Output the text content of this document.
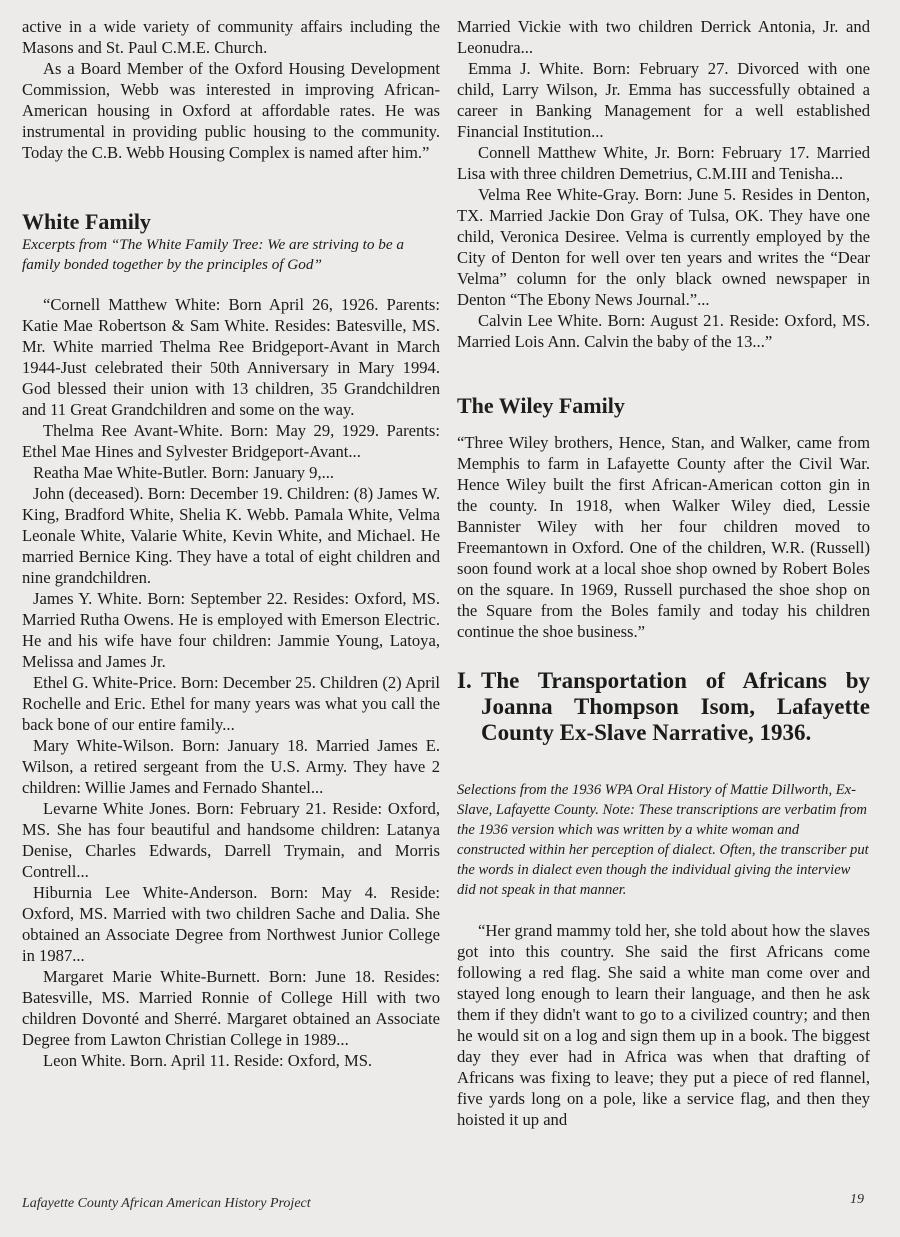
active in a wide variety of community affairs including the Masons and St. Paul C.M.E. Church.

As a Board Member of the Oxford Housing Development Commission, Webb was interested in improving African-American housing in Oxford at affordable rates. He was instrumental in providing public housing to the community. Today the C.B. Webb Housing Complex is named after him.”

White Family

Excerpts from “The White Family Tree: We are striving to be a family bonded together by the principles of God”

“Cornell Matthew White: Born April 26, 1926. Parents: Katie Mae Robertson & Sam White. Resides: Batesville, MS. Mr. White married Thelma Ree Bridgeport-Avant in March 1944-Just celebrated their 50th Anniversary in Mary 1994. God blessed their union with 13 children, 35 Grandchildren and 11 Great Grandchildren and some on the way.

Thelma Ree Avant-White. Born: May 29, 1929. Parents: Ethel Mae Hines and Sylvester Bridgeport-Avant...

Reatha Mae White-Butler. Born: January 9,...

John (deceased). Born: December 19. Children: (8) James W. King, Bradford White, Shelia K. Webb. Pamala White, Velma Leonale White, Valarie White, Kevin White, and Michael. He married Bernice King. They have a total of eight children and nine grandchildren.

James Y. White. Born: September 22. Resides: Oxford, MS. Married Rutha Owens. He is employed with Emerson Electric. He and his wife have four children: Jammie Young, Latoya, Melissa and James Jr.

Ethel G. White-Price. Born: December 25. Children (2) April Rochelle and Eric. Ethel for many years was what you call the back bone of our entire family...

Mary White-Wilson. Born: January 18. Married James E. Wilson, a retired sergeant from the U.S. Army. They have 2 children: Willie James and Fernado Shantel...

Levarne White Jones. Born: February 21. Reside: Oxford, MS. She has four beautiful and handsome children: Latanya Denise, Charles Edwards, Darrell Trymain, and Morris Contrell...

Hiburnia Lee White-Anderson. Born: May 4. Reside: Oxford, MS. Married with two children Sache and Dalia. She obtained an Associate Degree from Northwest Junior College in 1987...

Margaret Marie White-Burnett. Born: June 18. Resides: Batesville, MS. Married Ronnie of College Hill with two children Dovonté and Sherré. Margaret obtained an Associate Degree from Lawton Christian College in 1989...

Leon White. Born. April 11. Reside: Oxford, MS.

Married Vickie with two children Derrick Antonia, Jr. and Leonudra...

Emma J. White. Born: February 27. Divorced with one child, Larry Wilson, Jr. Emma has successfully obtained a career in Banking Management for a well established Financial Institution...

Connell Matthew White, Jr. Born: February 17. Married Lisa with three children Demetrius, C.M.III and Tenisha...

Velma Ree White-Gray. Born: June 5. Resides in Denton, TX. Married Jackie Don Gray of Tulsa, OK. They have one child, Veronica Desiree. Velma is currently employed by the City of Denton for well over ten years and writes the “Dear Velma” column for the only black owned newspaper in Denton “The Ebony News Journal.”...

Calvin Lee White. Born: August 21. Reside: Oxford, MS. Married Lois Ann. Calvin the baby of the 13...”

The Wiley Family

“Three Wiley brothers, Hence, Stan, and Walker, came from Memphis to farm in Lafayette County after the Civil War. Hence Wiley built the first African-American cotton gin in the county. In 1918, when Walker Wiley died, Lessie Bannister Wiley with her four children moved to Freemantown in Oxford. One of the children, W.R. (Russell) soon found work at a local shoe shop owned by Robert Boles on the square. In 1969, Russell purchased the shoe shop on the Square from the Boles family and today his children continue the shoe business.”

I. The Transportation of Africans by Joanna Thompson Isom, Lafayette County Ex-Slave Narrative, 1936.

Selections from the 1936 WPA Oral History of Mattie Dillworth, Ex-Slave, Lafayette County. Note: These transcriptions are verbatim from the 1936 version which was written by a white woman and constructed within her perception of dialect. Often, the transcriber put the words in dialect even though the individual giving the interview did not speak in that manner.

“Her grand mammy told her, she told about how the slaves got into this country. She said the first Africans come following a red flag. She said a white man come over and stayed long enough to learn their language, and then he ask them if they didn't want to go to a civilized country; and then he would sit on a log and sign them up in a book. The biggest day they ever had in Africa was when that drafting of Africans was fixing to leave; they put a piece of red flannel, five yards long on a pole, like a service flag, and then they hoisted it up and

Lafayette County African American History Project	19
